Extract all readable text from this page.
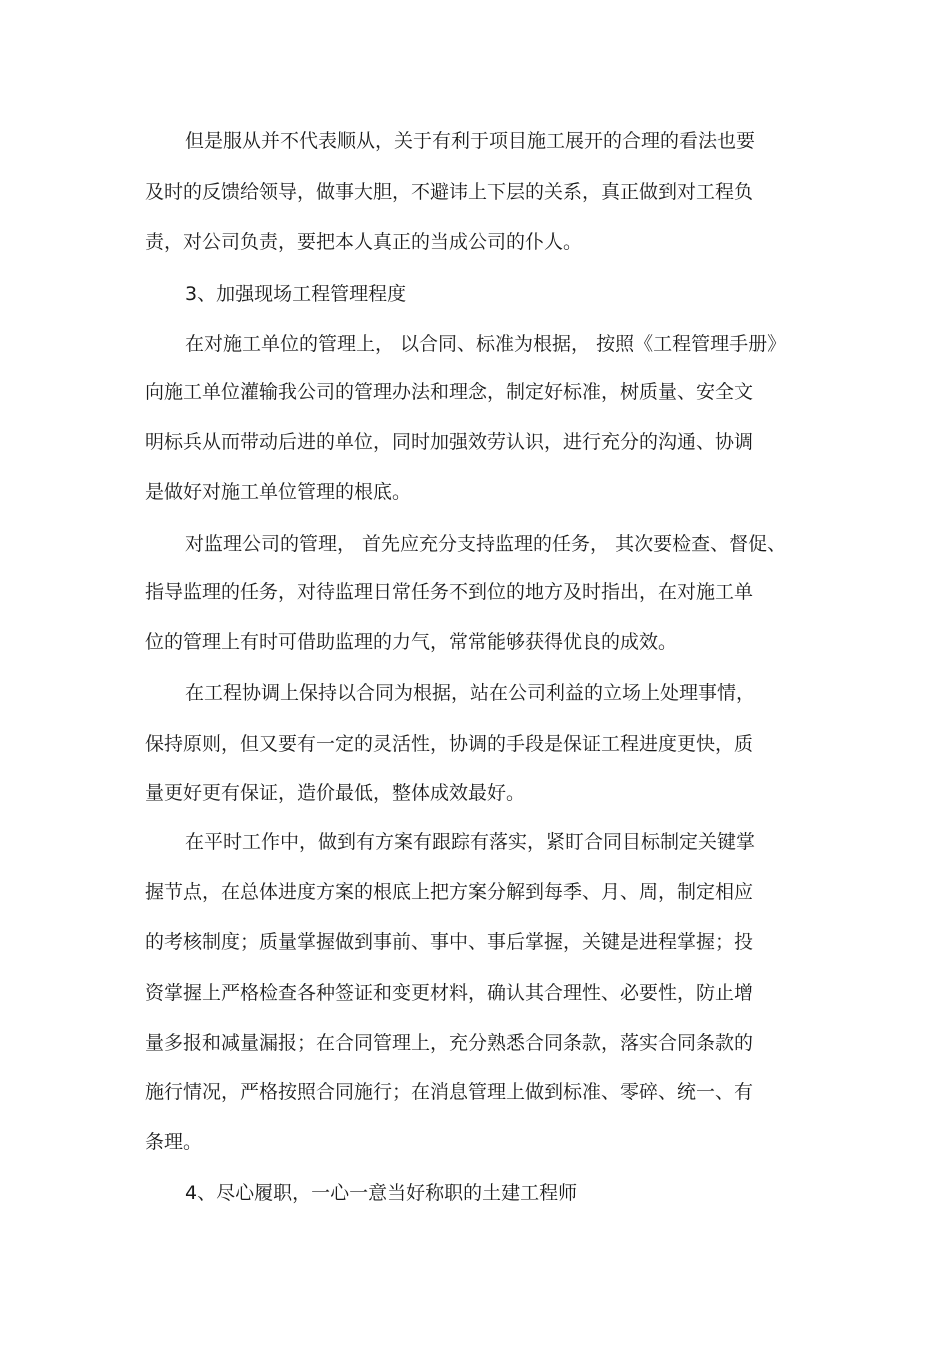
但是服从并不代表顺从，关于有利于项目施工展开的合理的看法也要
及时的反馈给领导，做事大胆，不避讳上下层的关系，真正做到对工程负
责，对公司负责，要把本人真正的当成公司的仆人。
3、加强现场工程管理程度
在对施工单位的管理上， 以合同、标准为根据， 按照《工程管理手册》
向施工单位灌输我公司的管理办法和理念，制定好标准，树质量、安全文
明标兵从而带动后进的单位，同时加强效劳认识，进行充分的沟通、协调
是做好对施工单位管理的根底。
对监理公司的管理， 首先应充分支持监理的任务， 其次要检查、督促、
指导监理的任务，对待监理日常任务不到位的地方及时指出，在对施工单
位的管理上有时可借助监理的力气，常常能够获得优良的成效。
在工程协调上保持以合同为根据，站在公司利益的立场上处理事情，
保持原则，但又要有一定的灵活性，协调的手段是保证工程进度更快，质
量更好更有保证，造价最低，整体成效最好。
在平时工作中，做到有方案有跟踪有落实，紧盯合同目标制定关键掌
握节点，在总体进度方案的根底上把方案分解到每季、月、周，制定相应
的考核制度；质量掌握做到事前、事中、事后掌握，关键是进程掌握；投
资掌握上严格检查各种签证和变更材料，确认其合理性、必要性，防止增
量多报和减量漏报；在合同管理上，充分熟悉合同条款，落实合同条款的
施行情况，严格按照合同施行；在消息管理上做到标准、零碎、统一、有
条理。
4、尽心履职，一心一意当好称职的土建工程师
